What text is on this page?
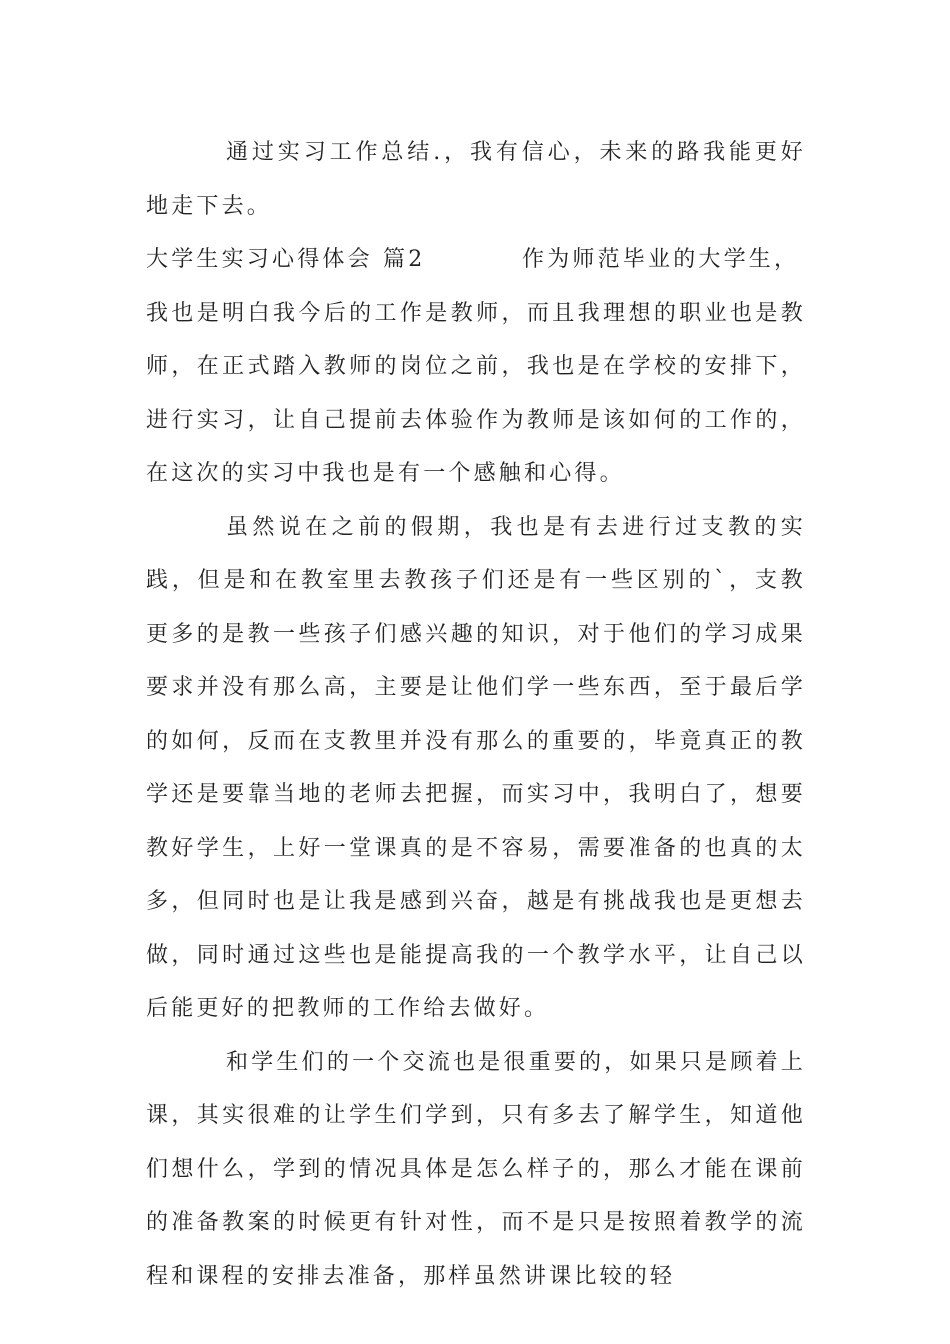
通过实习工作总结.，我有信心，未来的路我能更好地走下去。

大学生实习心得体会 篇2	作为师范毕业的大学生，

我也是明白我今后的工作是教师，而且我理想的职业也是教师，在正式踏入教师的岗位之前，我也是在学校的安排下，进行实习，让自己提前去体验作为教师是该如何的工作的，在这次的实习中我也是有一个感触和心得。

虽然说在之前的假期，我也是有去进行过支教的实践，但是和在教室里去教孩子们还是有一些区别的`，支教更多的是教一些孩子们感兴趣的知识，对于他们的学习成果要求并没有那么高，主要是让他们学一些东西，至于最后学的如何，反而在支教里并没有那么的重要的，毕竟真正的教学还是要靠当地的老师去把握，而实习中，我明白了，想要教好学生，上好一堂课真的是不容易，需要准备的也真的太多，但同时也是让我是感到兴奋，越是有挑战我也是更想去做，同时通过这些也是能提高我的一个教学水平，让自己以后能更好的把教师的工作给去做好。

和学生们的一个交流也是很重要的，如果只是顾着上课，其实很难的让学生们学到，只有多去了解学生，知道他们想什么，学到的情况具体是怎么样子的，那么才能在课前的准备教案的时候更有针对性，而不是只是按照着教学的流程和课程的安排去准备，那样虽然讲课比较的轻
